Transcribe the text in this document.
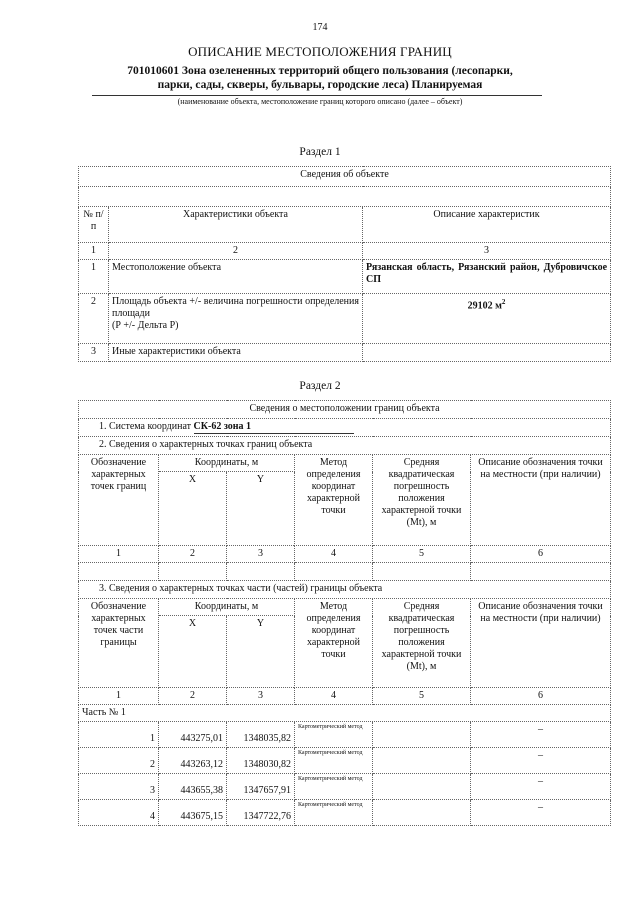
174
ОПИСАНИЕ МЕСТОПОЛОЖЕНИЯ ГРАНИЦ
701010601 Зона озелененных территорий общего пользования (лесопарки,
парки, сады, скверы, бульвары, городские леса) Планируемая
(наименование объекта, местоположение границ которого описано (далее – объект)
Раздел 1
Сведения об объекте		

№ п/п	Характеристики объекта	Описание характеристик
1	2	3
1	Местоположение объекта	Рязанская область, Рязанский район, Дубровичское СП
2	Площадь объекта +/- величина погрешности определения площади
(Р +/- Дельта Р)	29102 $м^2$
3	Иные характеристики объекта	
Раздел 2
Сведения о местоположении границ объекта					
1. Система координат СК-62 зона 1					
2. Сведения о характерных точках границ объекта					
Обозначение характерных точек границ	Координаты, м		Метод определения координат характерной точки	Средняя квадратическая погрешность положения характерной точки (Mt), м	Описание обозначения точки на местности (при наличии)
	X	Y			
1	2	3	4	5	6

3. Сведения о характерных точках части (частей) границы объекта					
Обозначение характерных точек части границы	Координаты, м		Метод определения координат характерной точки	Средняя квадратическая погрешность положения характерной точки (Mt), м	Описание обозначения точки на местности (при наличии)
	X	Y			
1	2	3	4	5	6
Часть № 1					
1	443275,01	1348035,82	Картометрический метод		–
2	443263,12	1348030,82	Картометрический метод		–
3	443655,38	1347657,91	Картометрический метод		–
4	443675,15	1347722,76	Картометрический метод		–
